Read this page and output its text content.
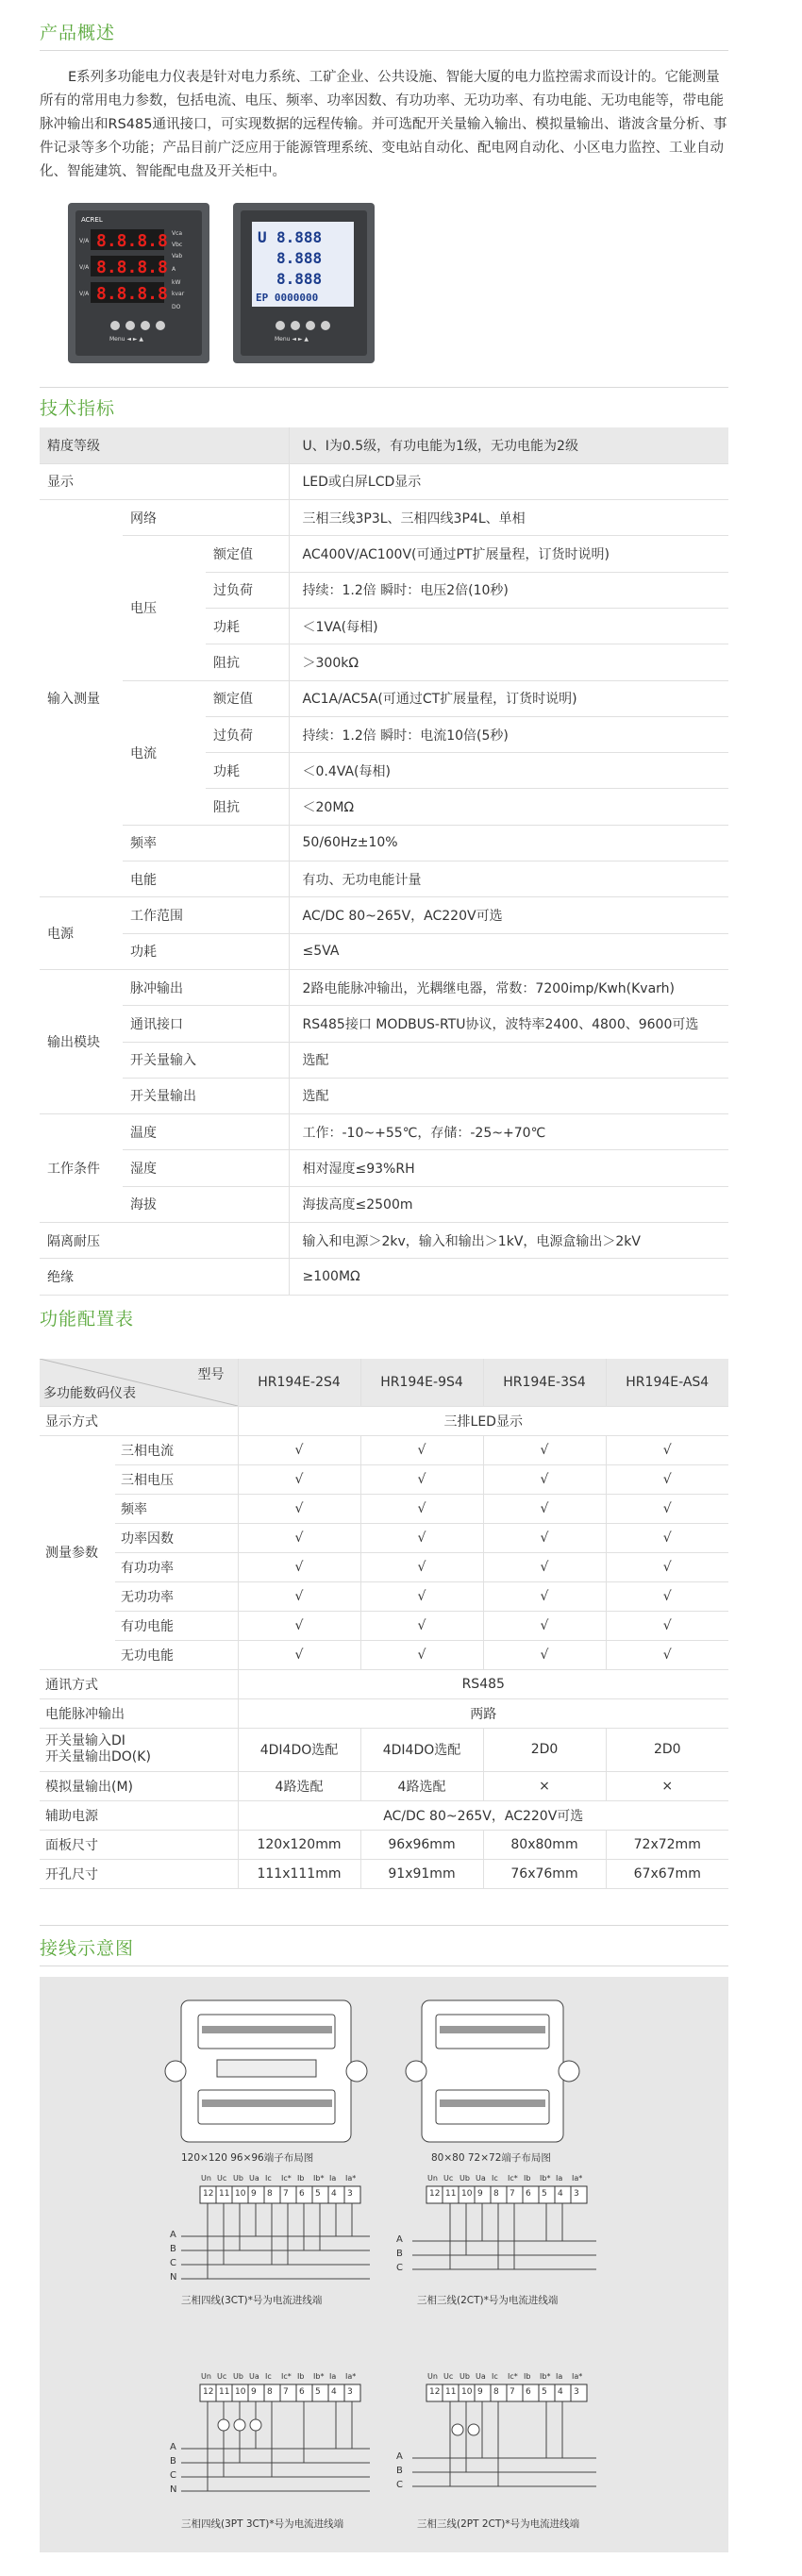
产品概述
E系列多功能电力仪表是针对电力系统、工矿企业、公共设施、智能大厦的电力监控需求而设计的。它能测量所有的常用电力参数，包括电流、电压、频率、功率因数、有功功率、无功功率、有功电能、无功电能等，带电能脉冲输出和RS485通讯接口，可实现数据的远程传输。并可选配开关量输入输出、模拟量输出、谐波含量分析、事件记录等多个功能；产品目前广泛应用于能源管理系统、变电站自动化、配电网自动化、小区电力监控、工业自动化、智能建筑、智能配电盘及开关柜中。
ACREL
8.8.8.8
8.8.8.8
8.8.8.8
Vca
Vbc
Vab
A
kW
kvar
DO
V/A
V/A
V/A
Menu ◄ ► ▲
U 8.888
8.888
8.888
EP 0000000
Menu ◄ ► ▲
技术指标
精度等级			U、I为0.5级，有功电能为1级，无功电能为2级
显示			LED或白屏LCD显示
输入测量	网络		三相三线3P3L、三相四线3P4L、单相
	电压	额定值	AC400V/AC100V(可通过PT扩展量程，订货时说明)
		过负荷	持续：1.2倍 瞬时：电压2倍(10秒)
		功耗	＜1VA(每相)
		阻抗	＞300kΩ
	电流	额定值	AC1A/AC5A(可通过CT扩展量程，订货时说明)
		过负荷	持续：1.2倍 瞬时：电流10倍(5秒)
		功耗	＜0.4VA(每相)
		阻抗	＜20MΩ
	频率		50/60Hz±10%
	电能		有功、无功电能计量
电源	工作范围		AC/DC 80~265V，AC220V可选
	功耗		≤5VA
输出模块	脉冲输出		2路电能脉冲输出，光耦继电器，常数：7200imp/Kwh(Kvarh)
	通讯接口		RS485接口 MODBUS-RTU协议，波特率2400、4800、9600可选
	开关量输入		选配
	开关量输出		选配
工作条件	温度		工作：-10~+55℃，存储：-25~+70℃
	湿度		相对湿度≤93%RH
	海拔		海拔高度≤2500m
隔离耐压			输入和电源＞2kv，输入和输出＞1kV，电源盒输出＞2kV
绝缘			≥100MΩ
功能配置表
型号
多功能数码仪表		HR194E-2S4	HR194E-9S4	HR194E-3S4	HR194E-AS4
显示方式		三排LED显示			
测量参数	三相电流	√	√	√	√
	三相电压	√	√	√	√
	频率	√	√	√	√
	功率因数	√	√	√	√
	有功功率	√	√	√	√
	无功功率	√	√	√	√
	有功电能	√	√	√	√
	无功电能	√	√	√	√
通讯方式		RS485			
电能脉冲输出		两路			

开关量输入DI
开关量输出DO(K)		4DI4DO选配	4DI4DO选配	2D0	2D0
模拟量输出(M)		4路选配	4路选配	×	×
辅助电源		AC/DC 80~265V，AC220V可选			
面板尺寸		120x120mm	96x96mm	80x80mm	72x72mm
开孔尺寸		111x111mm	91x91mm	76x76mm	67x67mm
接线示意图
120×120 96×96端子布局图	80×80 72×72端子布局图
三相四线(3CT)*号为电流进线端	三相三线(2CT)*号为电流进线端
三相四线(3PT 3CT)*号为电流进线端	三相三线(2PT 2CT)*号为电流进线端
Un Uc Ub Ua Ic Ic* Ib Ib* Ia Ia*
12 11 10 9 8 7 6 5 4 3
A
B
C
N
Un Uc Ub Ua Ic Ic* Ib Ib* Ia Ia*
12 11 10 9 8 7 6 5 4 3
A
B
C
Un Uc Ub Ua Ic Ic* Ib Ib* Ia Ia*
12 11 10 9 8 7 6 5 4 3
A
B
C
N
Un Uc Ub Ua Ic Ic* Ib Ib* Ia Ia*
12 11 10 9 8 7 6 5 4 3
A
B
C
